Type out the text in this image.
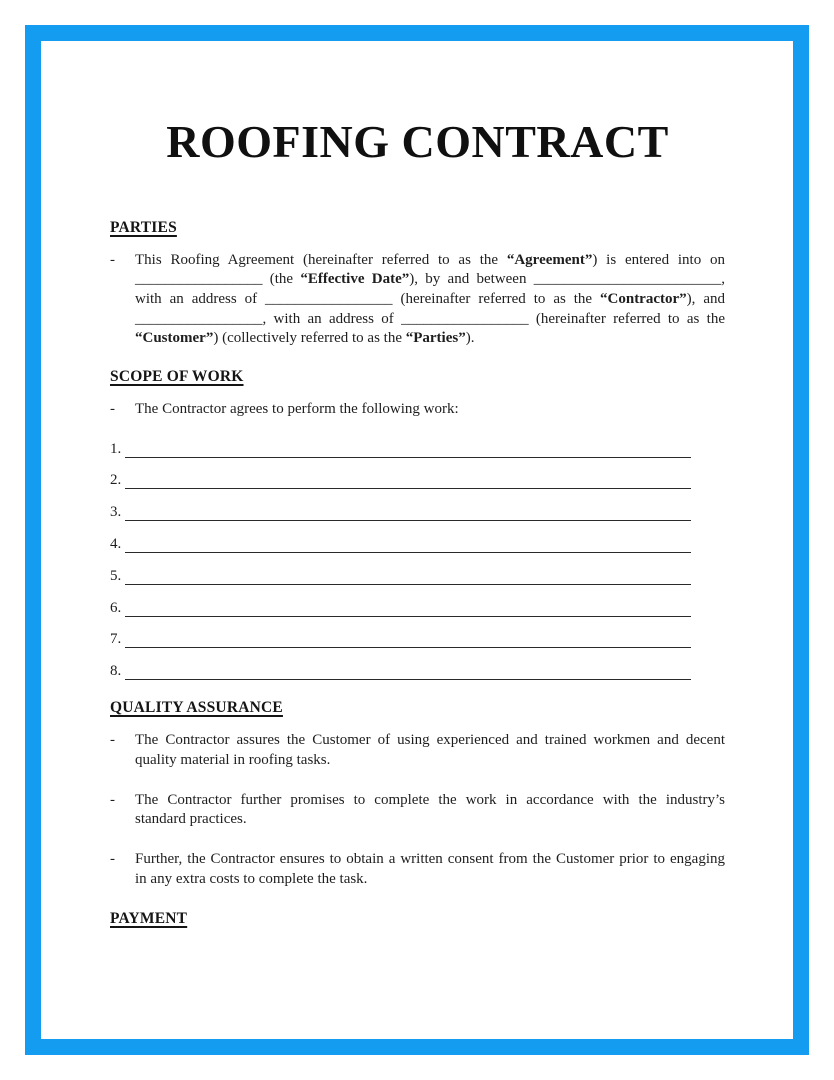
ROOFING CONTRACT
PARTIES
-	This Roofing Agreement (hereinafter referred to as the “Agreement”) is entered into on
_________________ (the “Effective Date”), by and between _________________________,
with an address of _________________ (hereinafter referred to as the “Contractor”), and
_________________, with an address of _________________ (hereinafter referred to as the
“Customer”) (collectively referred to as the “Parties”).
SCOPE OF WORK
-	The Contractor agrees to perform the following work:
1.
2.
3.
4.
5.
6.
7.
8.
QUALITY ASSURANCE
-	The Contractor assures the Customer of using experienced and trained workmen and decent
quality material in roofing tasks.
-	The Contractor further promises to complete the work in accordance with the industry’s
standard practices.
-	Further, the Contractor ensures to obtain a written consent from the Customer prior to engaging
in any extra costs to complete the task.
PAYMENT
